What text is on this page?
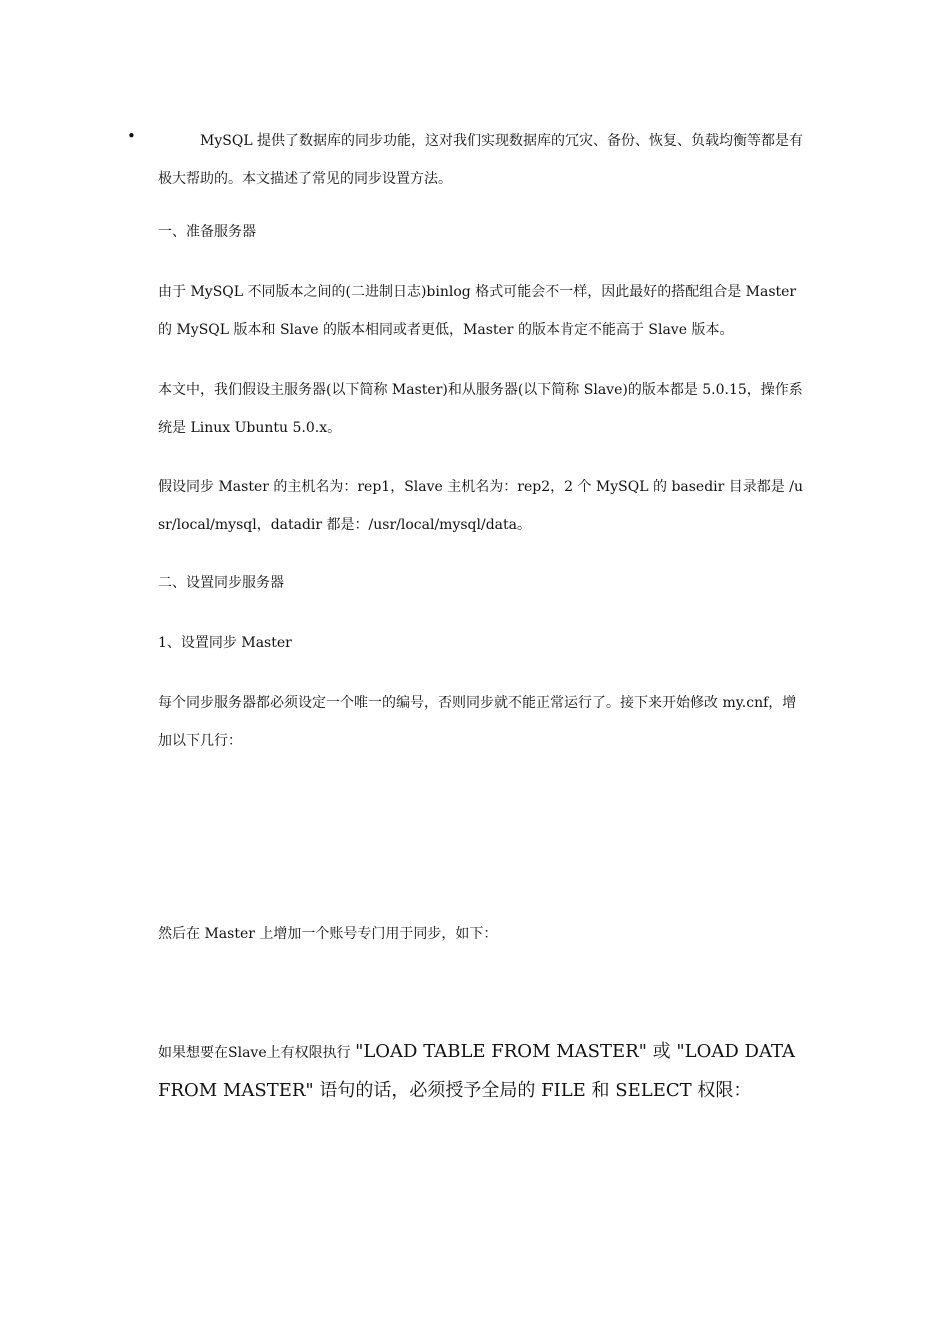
•	MySQL 提供了数据库的同步功能，这对我们实现数据库的冗灾、备份、恢复、负载均衡等都是有极大帮助的。本文描述了常见的同步设置方法。

一、准备服务器

由于 MySQL 不同版本之间的(二进制日志)binlog 格式可能会不一样，因此最好的搭配组合是 Master 的 MySQL 版本和 Slave 的版本相同或者更低，Master 的版本肯定不能高于 Slave 版本。

本文中，我们假设主服务器(以下简称 Master)和从服务器(以下简称 Slave)的版本都是 5.0.15，操作系统是 Linux Ubuntu 5.0.x。

假设同步 Master 的主机名为：rep1，Slave 主机名为：rep2，2 个 MySQL 的 basedir 目录都是 /usr/local/mysql，datadir 都是：/usr/local/mysql/data。

二、设置同步服务器

1、设置同步 Master

每个同步服务器都必须设定一个唯一的编号，否则同步就不能正常运行了。接下来开始修改 my.cnf，增加以下几行：

然后在 Master 上增加一个账号专门用于同步，如下：

如果想要在Slave上有权限执行 "LOAD TABLE FROM MASTER" 或 "LOAD DATA FROM MASTER" 语句的话，必须授予全局的 FILE 和 SELECT 权限：
